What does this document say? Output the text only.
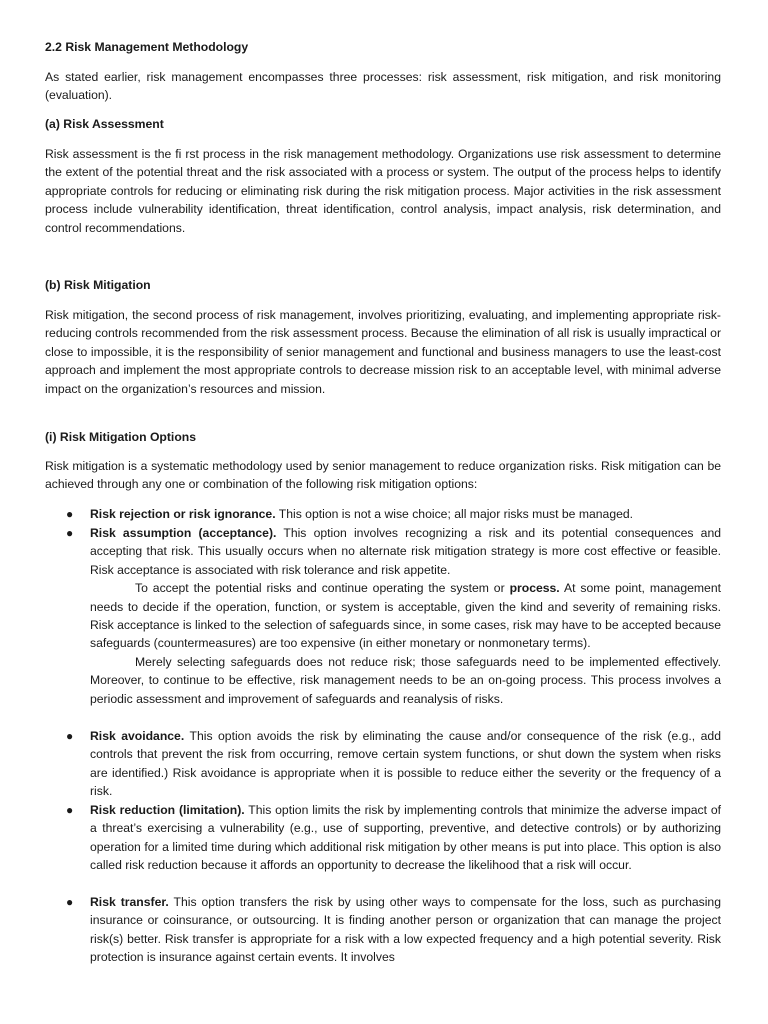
2.2 Risk Management Methodology

As stated earlier, risk management encompasses three processes: risk assessment, risk mitigation, and risk monitoring (evaluation).

(a) Risk Assessment

Risk assessment is the fi rst process in the risk management methodology. Organizations use risk assessment to determine the extent of the potential threat and the risk associated with a process or system. The output of the process helps to identify appropriate controls for reducing or eliminating risk during the risk mitigation process. Major activities in the risk assessment process include vulnerability identification, threat identification, control analysis, impact analysis, risk determination, and control recommendations.

(b) Risk Mitigation

Risk mitigation, the second process of risk management, involves prioritizing, evaluating, and implementing appropriate risk-reducing controls recommended from the risk assessment process. Because the elimination of all risk is usually impractical or close to impossible, it is the responsibility of senior management and functional and business managers to use the least-cost approach and implement the most appropriate controls to decrease mission risk to an acceptable level, with minimal adverse impact on the organization’s resources and mission.

(i) Risk Mitigation Options

Risk mitigation is a systematic methodology used by senior management to reduce organization risks. Risk mitigation can be achieved through any one or combination of the following risk mitigation options:

● Risk rejection or risk ignorance. This option is not a wise choice; all major risks must be managed.

● Risk assumption (acceptance). This option involves recognizing a risk and its potential consequences and accepting that risk. This usually occurs when no alternate risk mitigation strategy is more cost effective or feasible. Risk acceptance is associated with risk tolerance and risk appetite.

To accept the potential risks and continue operating the system or process. At some point, management needs to decide if the operation, function, or system is acceptable, given the kind and severity of remaining risks. Risk acceptance is linked to the selection of safeguards since, in some cases, risk may have to be accepted because safeguards (countermeasures) are too expensive (in either monetary or nonmonetary terms).

Merely selecting safeguards does not reduce risk; those safeguards need to be implemented effectively. Moreover, to continue to be effective, risk management needs to be an on-going process. This process involves a periodic assessment and improvement of safeguards and reanalysis of risks.

● Risk avoidance. This option avoids the risk by eliminating the cause and/or consequence of the risk (e.g., add controls that prevent the risk from occurring, remove certain system functions, or shut down the system when risks are identified.) Risk avoidance is appropriate when it is possible to reduce either the severity or the frequency of a risk.

● Risk reduction (limitation). This option limits the risk by implementing controls that minimize the adverse impact of a threat’s exercising a vulnerability (e.g., use of supporting, preventive, and detective controls) or by authorizing operation for a limited time during which additional risk mitigation by other means is put into place. This option is also called risk reduction because it affords an opportunity to decrease the likelihood that a risk will occur.

● Risk transfer. This option transfers the risk by using other ways to compensate for the loss, such as purchasing insurance or coinsurance, or outsourcing. It is finding another person or organization that can manage the project risk(s) better. Risk transfer is appropriate for a risk with a low expected frequency and a high potential severity. Risk protection is insurance against certain events. It involves
